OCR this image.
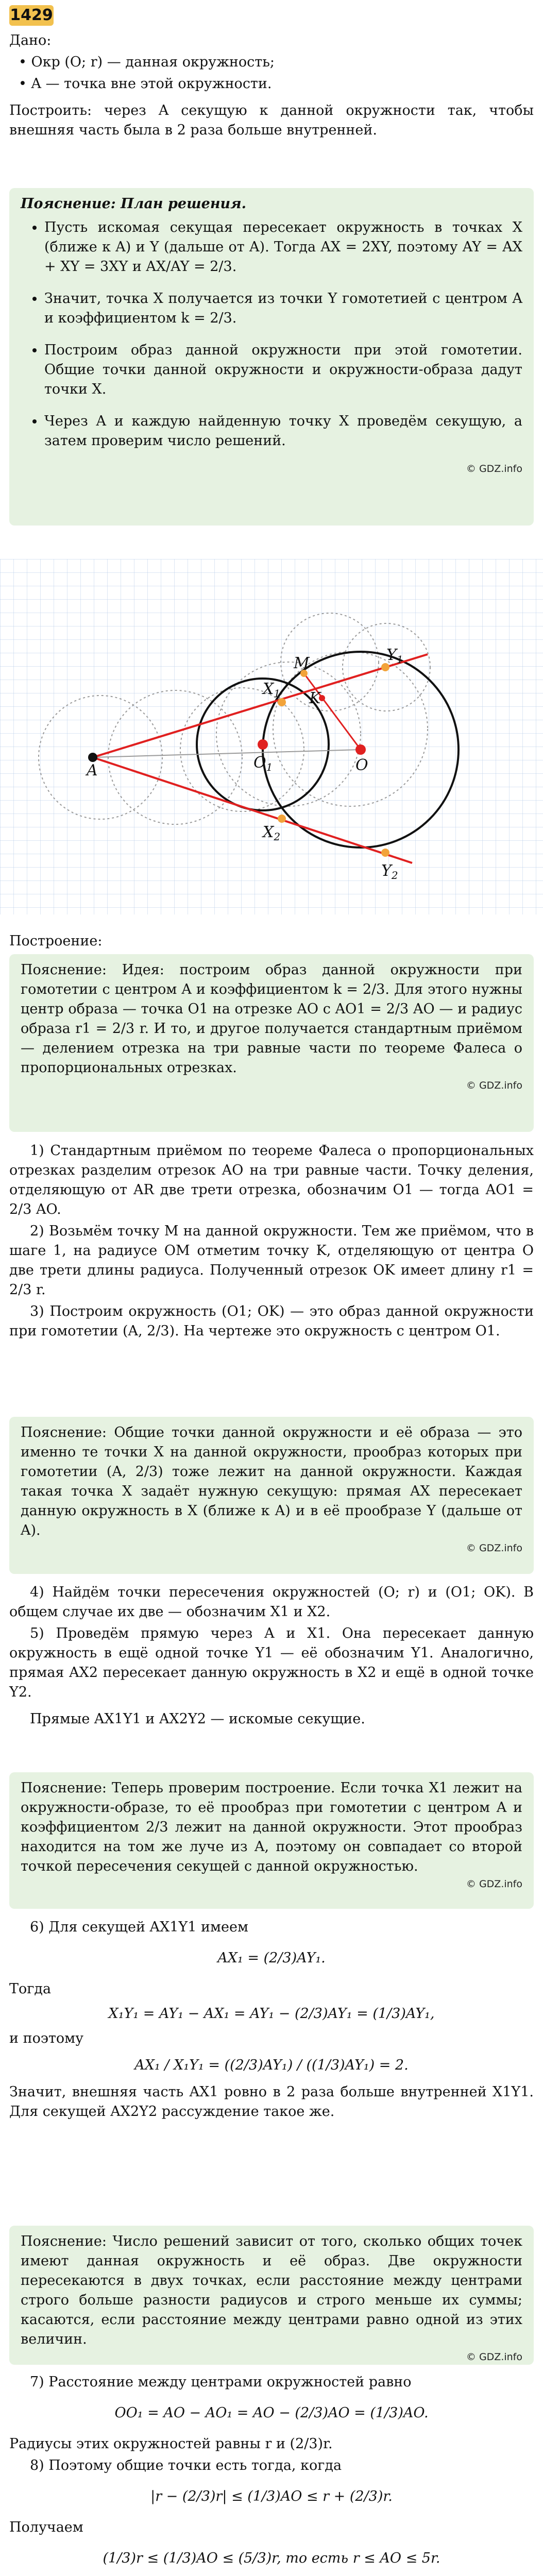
1429

Дано:

• Окр (O; r) — данная окружность;

• A — точка вне этой окружности.

Построить: через A секущую к данной окружности так, чтобы внешняя часть была в 2 раза больше внутренней.

Пояснение: План решения.
• Пусть искомая секущая пересекает окружность в точках X (ближе к A) и Y (дальше от A). Тогда AX = 2XY, поэтому AY = AX + XY = 3XY и AX/AY = 2/3.
• Значит, точка X получается из точки Y гомотетией с центром A и коэффициентом k = 2/3.
• Построим образ данной окружности при этой гомотетии. Общие точки данной окружности и окружности-образа дадут точки X.
• Через A и каждую найденную точку X проведём секущую, а затем проверим число решений.
© GDZ.info
A
$X_1$
M	$Y_1$
K
$O_1$	O
$X_2$
$Y_2$

Построение:

Пояснение: Идея: построим образ данной окружности при гомотетии с центром A и коэффициентом k = 2/3. Для этого нужны центр образа — точка O1 на отрезке AO с AO1 = 2/3 AO — и радиус образа r1 = 2/3 r. И то, и другое получается стандартным приёмом — делением отрезка на три равные части по теореме Фалеса о пропорциональных отрезках.

© GDZ.info

1) Стандартным приёмом по теореме Фалеса о пропорциональных отрезках разделим отрезок AO на три равные части. Точку деления, отделяющую от AR две трети отрезка, обозначим O1 — тогда AO1 = 2/3 AO.

2) Возьмём точку M на данной окружности. Тем же приёмом, что в шаге 1, на радиусе OM отметим точку K, отделяющую от центра O две трети длины радиуса. Полученный отрезок OK имеет длину r1 = 2/3 r.

3) Построим окружность (O1; OK) — это образ данной окружности при гомотетии (A, 2/3). На чертеже это окружность с центром O1.

Пояснение: Общие точки данной окружности и её образа — это именно те точки X на данной окружности, прообраз которых при гомотетии (A, 2/3) тоже лежит на данной окружности. Каждая такая точка X задаёт нужную секущую: прямая AX пересекает данную окружность в X (ближе к A) и в её прообразе Y (дальше от A).

© GDZ.info

4) Найдём точки пересечения окружностей (O; r) и (O1; OK). В общем случае их две — обозначим X1 и X2.

5) Проведём прямую через A и X1. Она пересекает данную окружность в ещё одной точке Y1 — её обозначим Y1. Аналогично, прямая AX2 пересекает данную окружность в X2 и ещё в одной точке Y2.

Прямые AX1Y1 и AX2Y2 — искомые секущие.

Пояснение: Теперь проверим построение. Если точка X1 лежит на окружности-образе, то её прообраз при гомотетии с центром A и коэффициентом 2/3 лежит на данной окружности. Этот прообраз находится на том же луче из A, поэтому он совпадает со второй точкой пересечения секущей с данной окружностью.

© GDZ.info

6) Для секущей AX1Y1 имеем

AX₁ = (2/3)AY₁.

Тогда

X₁Y₁ = AY₁ − AX₁ = AY₁ − (2/3)AY₁ = (1/3)AY₁,

и поэтому

AX₁ / X₁Y₁ = ((2/3)AY₁) / ((1/3)AY₁) = 2.

Значит, внешняя часть AX1 ровно в 2 раза больше внутренней X1Y1. Для секущей AX2Y2 рассуждение такое же.

Пояснение: Число решений зависит от того, сколько общих точек имеют данная окружность и её образ. Две окружности пересекаются в двух точках, если расстояние между центрами строго больше разности радиусов и строго меньше их суммы; касаются, если расстояние между центрами равно одной из этих величин.

© GDZ.info

7) Расстояние между центрами окружностей равно

OO₁ = AO − AO₁ = AO − (2/3)AO = (1/3)AO.

Радиусы этих окружностей равны r и (2/3)r.

8) Поэтому общие точки есть тогда, когда

|r − (2/3)r| ≤ (1/3)AO ≤ r + (2/3)r.

Получаем

(1/3)r ≤ (1/3)AO ≤ (5/3)r, то есть r ≤ AO ≤ 5r.
